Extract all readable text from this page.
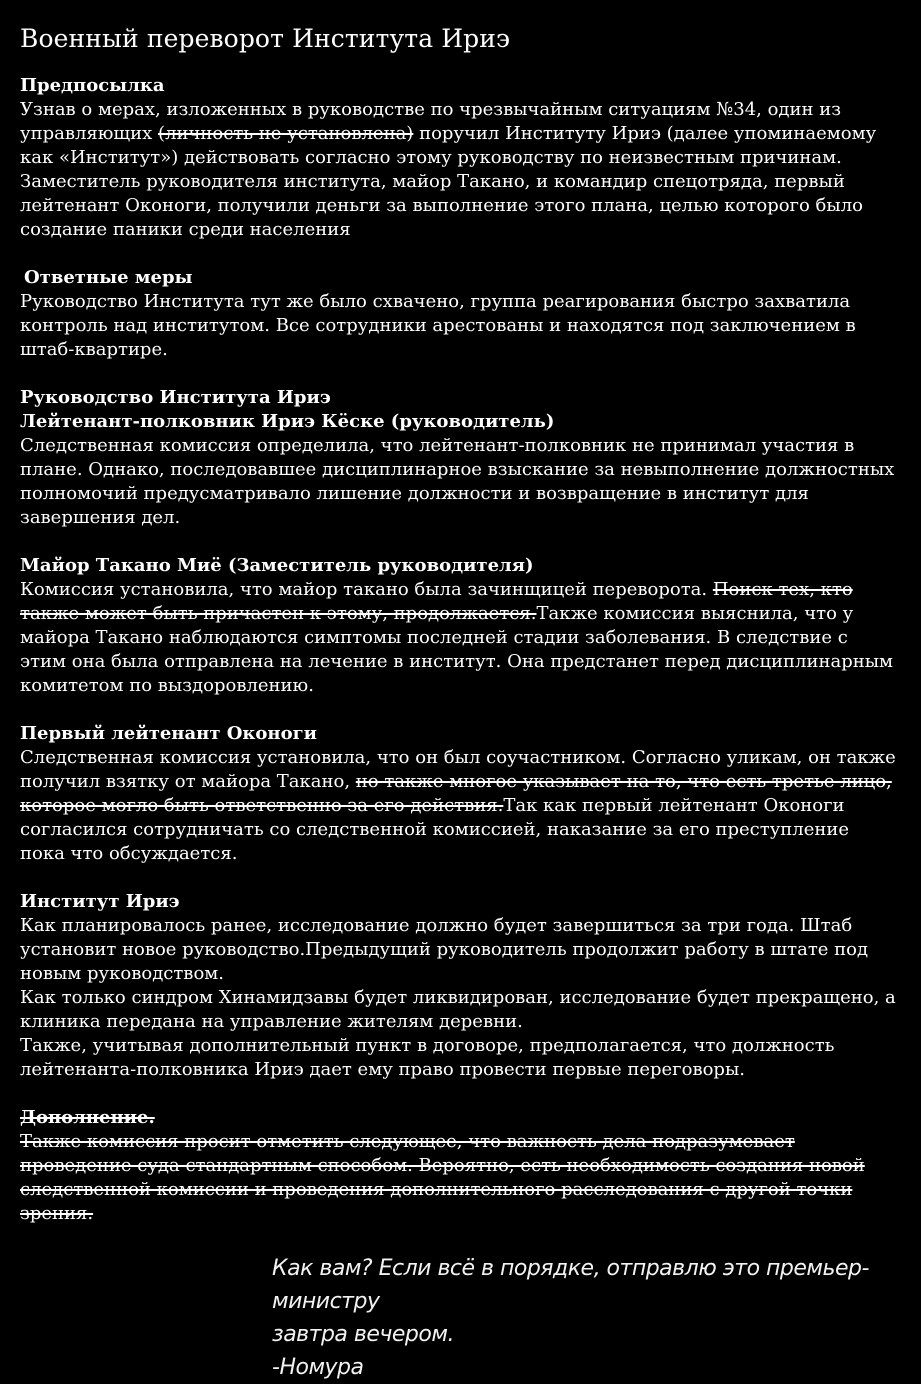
Военный переворот Института Ириэ
Предпосылка
Узнав о мерах, изложенных в руководстве по чрезвычайным ситуациям №34, один из управляющих (личность не установлена) поручил Институту Ириэ (далее упоминаемому как «Институт») действовать согласно этому руководству по неизвестным причинам. Заместитель руководителя института, майор Такано, и командир спецотряда, первый лейтенант Оконоги, получили деньги за выполнение этого плана, целью которого было создание паники среди населения
Ответные меры
Руководство Института тут же было схвачено, группа реагирования быстро захватила контроль над институтом. Все сотрудники арестованы и находятся под заключением в штаб-квартире.
Руководство Института Ириэ
Лейтенант-полковник Ириэ Кёске (руководитель)
Следственная комиссия определила, что лейтенант-полковник не принимал участия в плане. Однако, последовавшее дисциплинарное взыскание за невыполнение должностных полномочий предусматривало лишение должности и возвращение в институт для завершения дел.
Майор Такано Миё (Заместитель руководителя)
Комиссия установила, что майор такано была зачинщицей переворота. Поиск тех, кто также может быть причастен к этому, продолжается.Также комиссия выяснила, что у майора Такано наблюдаются симптомы последней стадии заболевания. В следствие с этим она была отправлена на лечение в институт. Она предстанет перед дисциплинарным комитетом по выздоровлению.
Первый лейтенант Оконоги
Следственная комиссия установила, что он был соучастником. Согласно уликам, он также получил взятку от майора Такано, но также многое указывает на то, что есть третье лицо, которое могло быть ответственно за его действия.Так как первый лейтенант Оконоги согласился сотрудничать со следственной комиссией, наказание за его преступление пока что обсуждается.
Институт Ириэ
Как планировалось ранее, исследование должно будет завершиться за три года. Штаб установит новое руководство.Предыдущий руководитель продолжит работу в штате под новым руководством.
Как только синдром Хинамидзавы будет ликвидирован, исследование будет прекращено, а клиника передана на управление жителям деревни.
Также, учитывая дополнительный пункт в договоре, предполагается, что должность лейтенанта-полковника Ириэ дает ему право провести первые переговоры.
Дополнение.
Также комиссия просит отметить следующее, что важность дела подразумевает проведение суда стандартным способом. Вероятно, есть необходимость создания новой следственной комиссии и проведения дополнительного расследования с другой точки зрения.
Как вам? Если всё в порядке, отправлю это премьер-министру
завтра вечером.
-Номура
